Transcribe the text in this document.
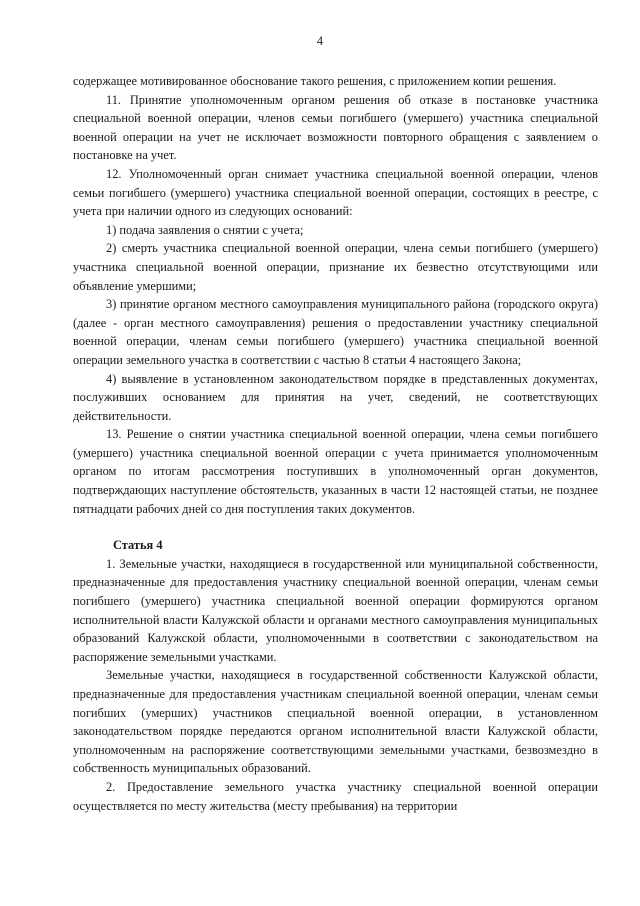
4

содержащее мотивированное обоснование такого решения, с приложением копии решения.

11. Принятие уполномоченным органом решения об отказе в постановке участника специальной военной операции, членов семьи погибшего (умершего) участника специальной военной операции на учет не исключает возможности повторного обращения с заявлением о постановке на учет.

12. Уполномоченный орган снимает участника специальной военной операции, членов семьи погибшего (умершего) участника специальной военной операции, состоящих в реестре, с учета при наличии одного из следующих оснований:

1) подача заявления о снятии с учета;

2) смерть участника специальной военной операции, члена семьи погибшего (умершего) участника специальной военной операции, признание их безвестно отсутствующими или объявление умершими;

3) принятие органом местного самоуправления муниципального района (городского округа) (далее - орган местного самоуправления) решения о предоставлении участнику специальной военной операции, членам семьи погибшего (умершего) участника специальной военной операции земельного участка в соответствии с частью 8 статьи 4 настоящего Закона;

4) выявление в установленном законодательством порядке в представленных документах, послуживших основанием для принятия на учет, сведений, не соответствующих действительности.

13. Решение о снятии участника специальной военной операции, члена семьи погибшего (умершего) участника специальной военной операции с учета принимается уполномоченным органом по итогам рассмотрения поступивших в уполномоченный орган документов, подтверждающих наступление обстоятельств, указанных в части 12 настоящей статьи, не позднее пятнадцати рабочих дней со дня поступления таких документов.

Статья 4

1. Земельные участки, находящиеся в государственной или муниципальной собственности, предназначенные для предоставления участнику специальной военной операции, членам семьи погибшего (умершего) участника специальной военной операции формируются органом исполнительной власти Калужской области и органами местного самоуправления муниципальных образований Калужской области, уполномоченными в соответствии с законодательством на распоряжение земельными участками.

Земельные участки, находящиеся в государственной собственности Калужской области, предназначенные для предоставления участникам специальной военной операции, членам семьи погибших (умерших) участников специальной военной операции, в установленном законодательством порядке передаются органом исполнительной власти Калужской области, уполномоченным на распоряжение соответствующими земельными участками, безвозмездно в собственность муниципальных образований.

2. Предоставление земельного участка участнику специальной военной операции осуществляется по месту жительства (месту пребывания) на территории
